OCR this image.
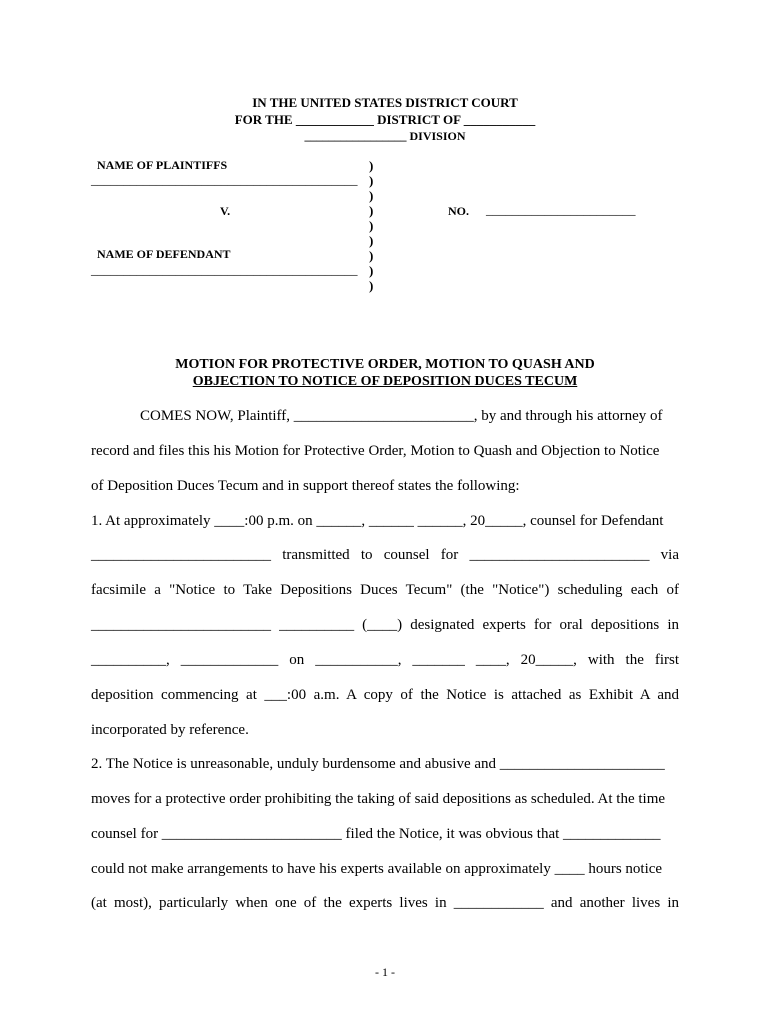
IN THE UNITED STATES DISTRICT COURT
FOR THE ____________ DISTRICT OF ___________
_________________ DIVISION
NAME OF PLAINTIFFS
_________________________________________
V.	NO. _______________________
NAME OF DEFENDANT
_________________________________________
)
)
)
)
)
)
)
)
)
MOTION FOR PROTECTIVE ORDER, MOTION TO QUASH AND
OBJECTION TO NOTICE OF DEPOSITION DUCES TECUM
COMES NOW, Plaintiff, ________________________, by and through his attorney of
record and files this his Motion for Protective Order, Motion to Quash and Objection to Notice
of Deposition Duces Tecum and in support thereof states the following:
1. At approximately ____:00 p.m. on ______, ______ ______, 20_____, counsel for Defendant
________________________ transmitted to counsel for ________________________ via
facsimile a "Notice to Take Depositions Duces Tecum" (the "Notice") scheduling each of
________________________ __________ (____) designated experts for oral depositions in
__________, _____________ on ___________, _______ ____, 20_____, with the first
deposition commencing at ___:00 a.m. A copy of the Notice is attached as Exhibit A and
incorporated by reference.
2. The Notice is unreasonable, unduly burdensome and abusive and ______________________
moves for a protective order prohibiting the taking of said depositions as scheduled. At the time
counsel for ________________________ filed the Notice, it was obvious that _____________
could not make arrangements to have his experts available on approximately ____ hours notice
(at most), particularly when one of the experts lives in ____________ and another lives in
- 1 -
